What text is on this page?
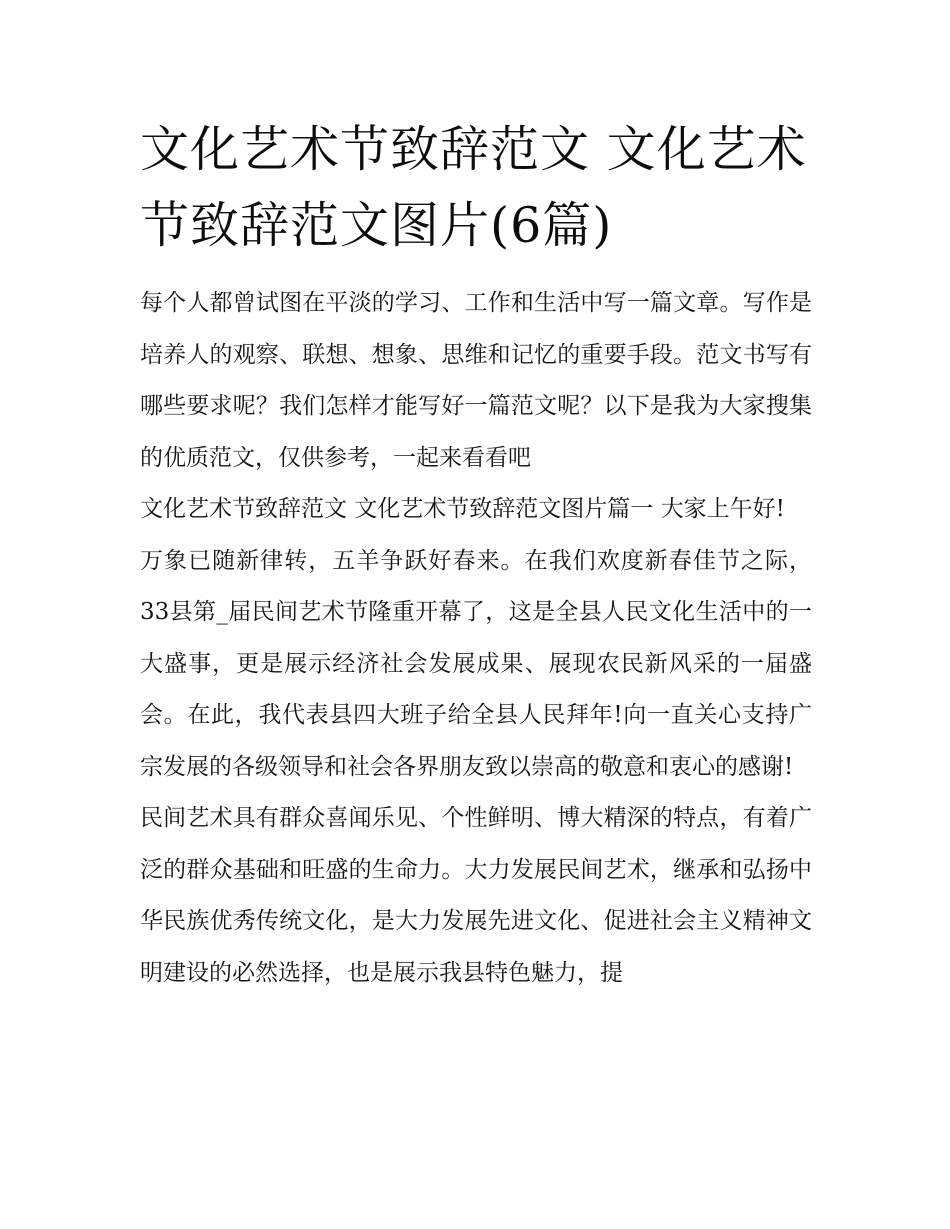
文化艺术节致辞范文 文化艺术节致辞范文图片(6篇)

每个人都曾试图在平淡的学习、工作和生活中写一篇文章。写作是培养人的观察、联想、想象、思维和记忆的重要手段。范文书写有哪些要求呢？我们怎样才能写好一篇范文呢？以下是我为大家搜集的优质范文，仅供参考，一起来看看吧

文化艺术节致辞范文 文化艺术节致辞范文图片篇一 大家上午好!

万象已随新律转，五羊争跃好春来。在我们欢度新春佳节之际，33县第_届民间艺术节隆重开幕了，这是全县人民文化生活中的一大盛事，更是展示经济社会发展成果、展现农民新风采的一届盛会。在此，我代表县四大班子给全县人民拜年!向一直关心支持广宗发展的各级领导和社会各界朋友致以崇高的敬意和衷心的感谢!

民间艺术具有群众喜闻乐见、个性鲜明、博大精深的特点，有着广泛的群众基础和旺盛的生命力。大力发展民间艺术，继承和弘扬中华民族优秀传统文化，是大力发展先进文化、促进社会主义精神文明建设的必然选择，也是展示我县特色魅力，提
